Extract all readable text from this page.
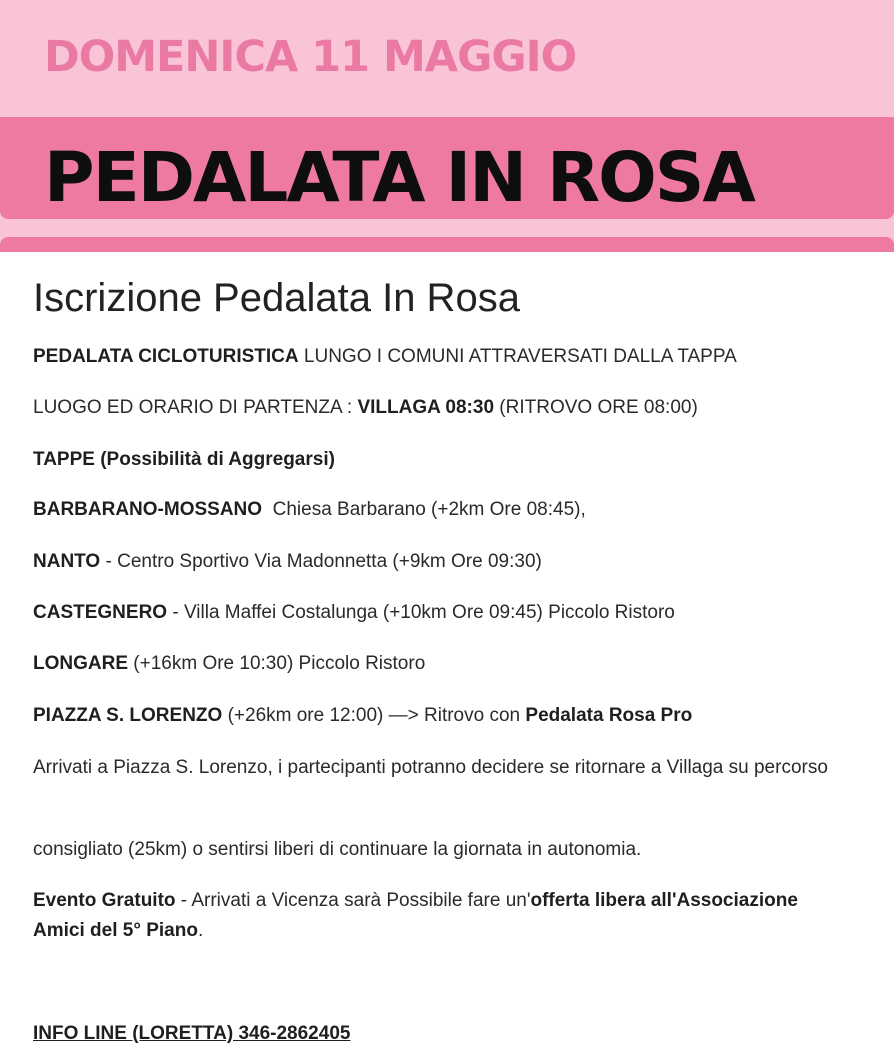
DOMENICA 11 MAGGIO
PEDALATA IN ROSA
Iscrizione Pedalata In Rosa

PEDALATA CICLOTURISTICA LUNGO I COMUNI ATTRAVERSATI DALLA TAPPA

LUOGO ED ORARIO DI PARTENZA : VILLAGA 08:30 (RITROVO ORE 08:00)

TAPPE (Possibilità di Aggregarsi)

BARBARANO-MOSSANO  Chiesa Barbarano (+2km Ore 08:45),

NANTO - Centro Sportivo Via Madonnetta (+9km Ore 09:30)

CASTEGNERO - Villa Maffei Costalunga (+10km Ore 09:45) Piccolo Ristoro

LONGARE (+16km Ore 10:30) Piccolo Ristoro

PIAZZA S. LORENZO (+26km ore 12:00) —> Ritrovo con Pedalata Rosa Pro

Arrivati a Piazza S. Lorenzo, i partecipanti potranno decidere se ritornare a Villaga su percorso

consigliato (25km) o sentirsi liberi di continuare la giornata in autonomia.

Evento Gratuito - Arrivati a Vicenza sarà Possibile fare un'offerta libera all'Associazione Amici del 5° Piano.

INFO LINE (LORETTA) 346-2862405
